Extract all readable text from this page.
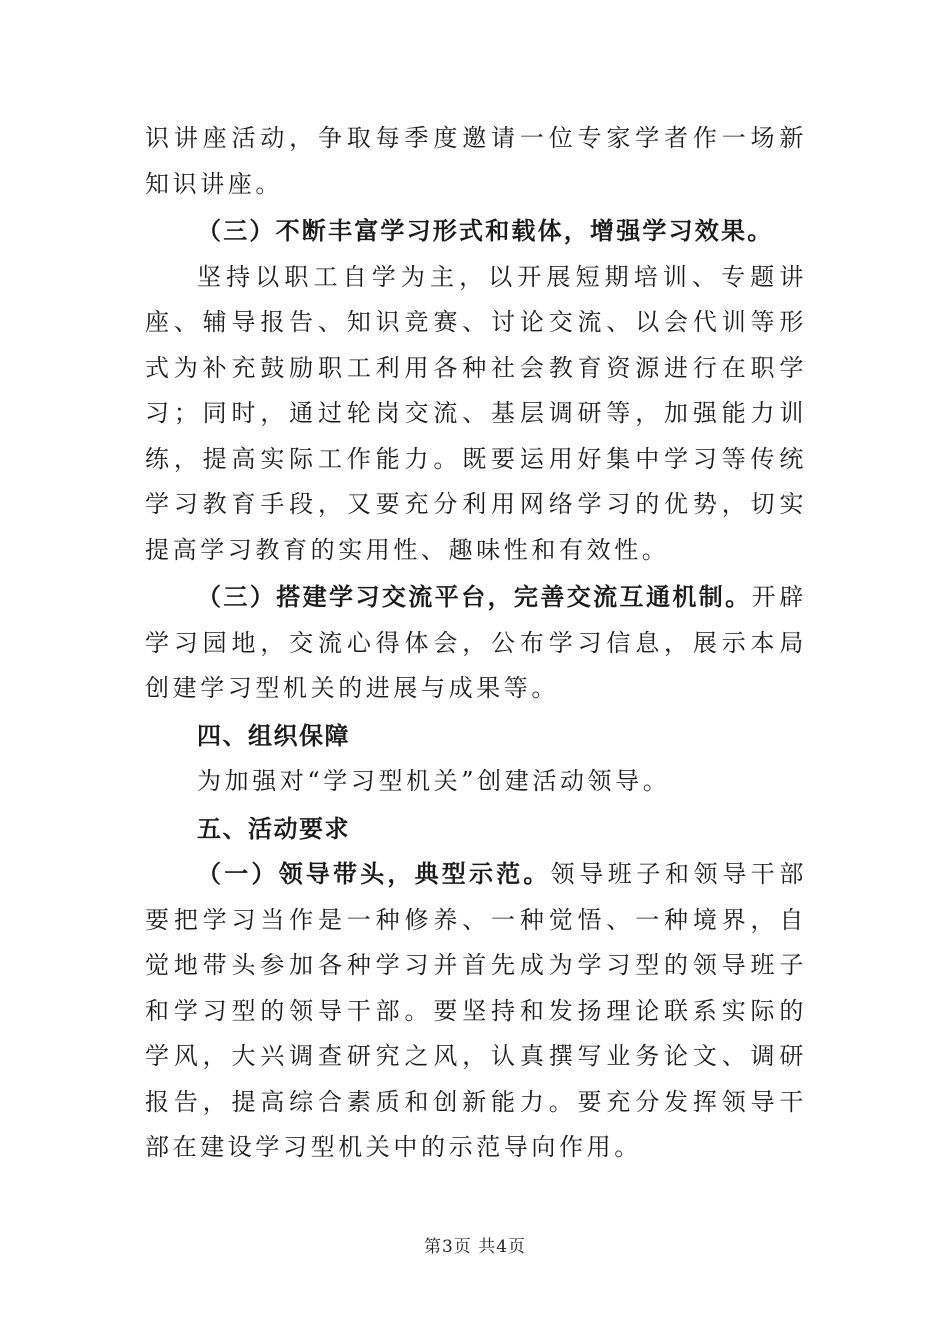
识讲座活动，争取每季度邀请一位专家学者作一场新知识讲座。

（三）不断丰富学习形式和载体，增强学习效果。

坚持以职工自学为主，以开展短期培训、专题讲座、辅导报告、知识竞赛、讨论交流、以会代训等形式为补充鼓励职工利用各种社会教育资源进行在职学习；同时，通过轮岗交流、基层调研等，加强能力训练，提高实际工作能力。既要运用好集中学习等传统学习教育手段，又要充分利用网络学习的优势，切实提高学习教育的实用性、趣味性和有效性。

（三）搭建学习交流平台，完善交流互通机制。开辟学习园地，交流心得体会，公布学习信息，展示本局创建学习型机关的进展与成果等。

四、组织保障

为加强对“学习型机关”创建活动领导。

五、活动要求

（一）领导带头，典型示范。领导班子和领导干部要把学习当作是一种修养、一种觉悟、一种境界，自觉地带头参加各种学习并首先成为学习型的领导班子和学习型的领导干部。要坚持和发扬理论联系实际的学风，大兴调查研究之风，认真撰写业务论文、调研报告，提高综合素质和创新能力。要充分发挥领导干部在建设学习型机关中的示范导向作用。

第3页 共4页
